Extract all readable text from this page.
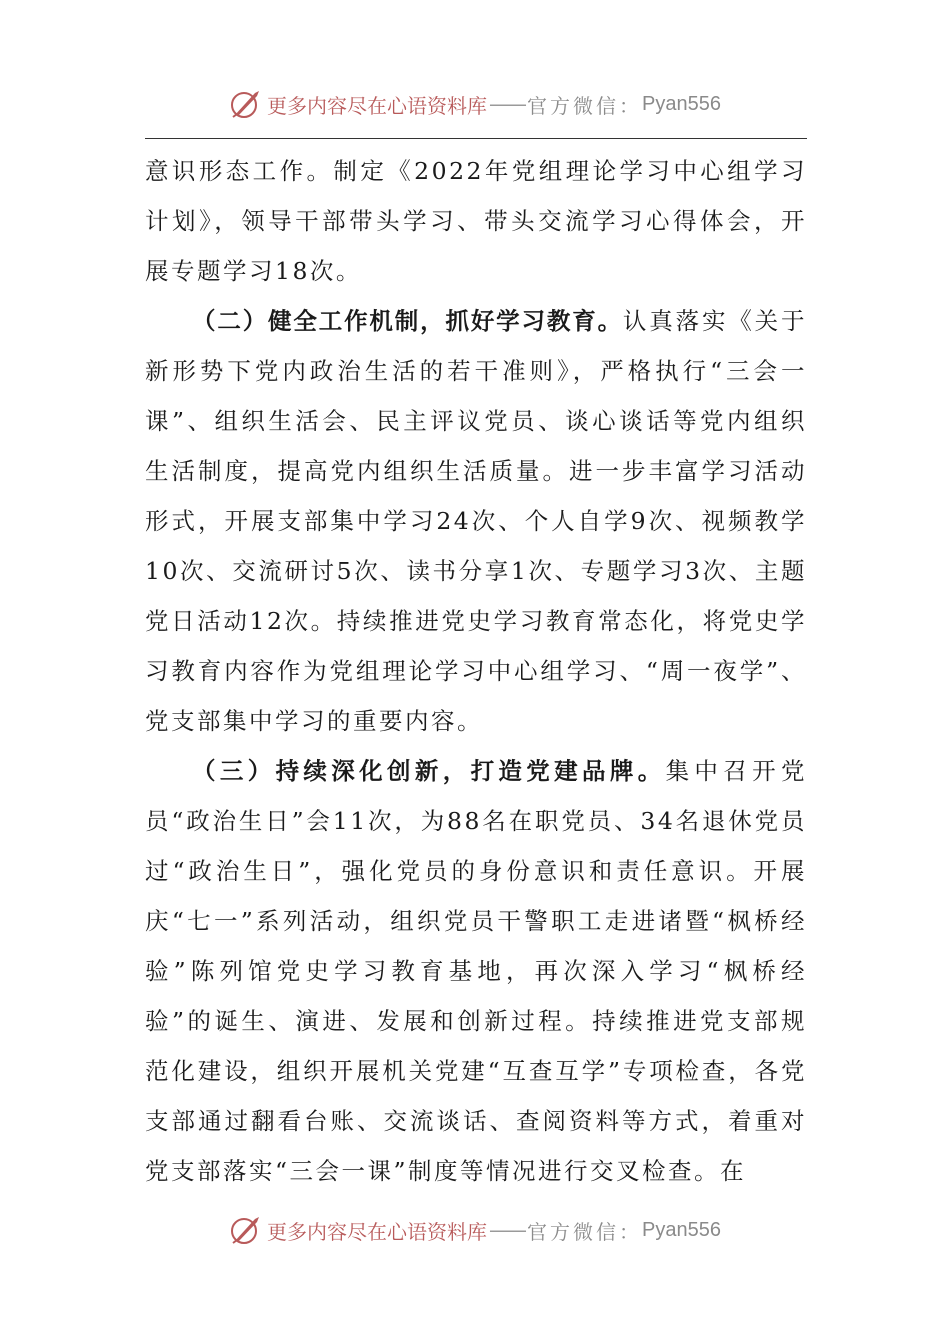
更多内容尽在心语资料库 —— 官方微信： Pyan556

意识形态工作。制定《2022年党组理论学习中心组学习计划》，领导干部带头学习、带头交流学习心得体会，开展专题学习18次。

（二）健全工作机制，抓好学习教育。认真落实《关于新形势下党内政治生活的若干准则》，严格执行“三会一课”、组织生活会、民主评议党员、谈心谈话等党内组织生活制度，提高党内组织生活质量。进一步丰富学习活动形式，开展支部集中学习24次、个人自学9次、视频教学10次、交流研讨5次、读书分享1次、专题学习3次、主题党日活动12次。持续推进党史学习教育常态化，将党史学习教育内容作为党组理论学习中心组学习、“周一夜学”、党支部集中学习的重要内容。

（三）持续深化创新，打造党建品牌。集中召开党员“政治生日”会11次，为88名在职党员、34名退休党员过“政治生日”，强化党员的身份意识和责任意识。开展庆“七一”系列活动，组织党员干警职工走进诸暨“枫桥经验”陈列馆党史学习教育基地，再次深入学习“枫桥经验”的诞生、演进、发展和创新过程。持续推进党支部规范化建设，组织开展机关党建“互查互学”专项检查，各党支部通过翻看台账、交流谈话、查阅资料等方式，着重对党支部落实“三会一课”制度等情况进行交叉检查。在

更多内容尽在心语资料库 —— 官方微信： Pyan556
